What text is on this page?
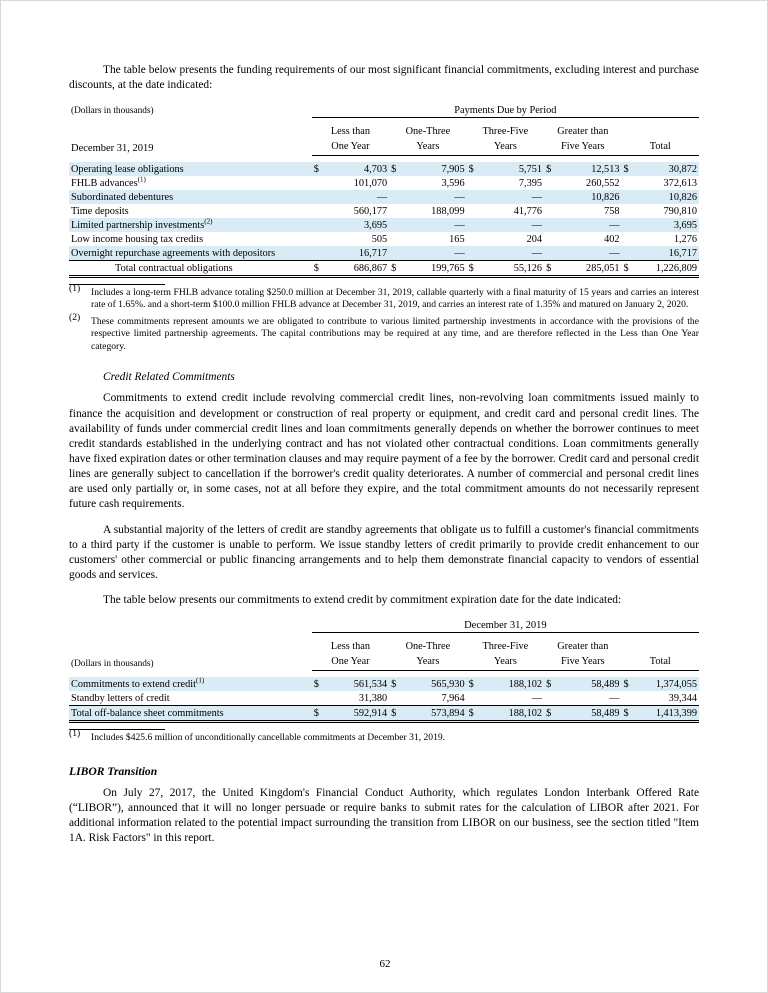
The table below presents the funding requirements of our most significant financial commitments, excluding interest and purchase discounts, at the date indicated:

(Dollars in thousands)	Payments Due by Period									

	Less than		One-Three		Three-Five		Greater than			
December 31, 2019	One Year		Years		Years		Five Years		Total	

Operating lease obligations	$	4,703	$	7,905	$	5,751	$	12,513	$	30,872
FHLB advances$^{(1)}$		101,070		3,596		7,395		260,552		372,613
Subordinated debentures		—		—		—		10,826		10,826
Time deposits		560,177		188,099		41,776		758		790,810
Limited partnership investments$^{(2)}$		3,695		—		—		—		3,695
Low income housing tax credits		505		165		204		402		1,276
Overnight repurchase agreements with depositors		16,717		—		—		—		16,717
Total contractual obligations	$	686,867	$	199,765	$	55,126	$	285,051	$	1,226,809
$^{(1)}$	Includes a long-term FHLB advance totaling $250.0 million at December 31, 2019, callable quarterly with a final maturity of 15 years and carries an interest rate of 1.65%. and a short-term $100.0 million FHLB advance at December 31, 2019, and carries an interest rate of 1.35% and matured on January 2, 2020.
$^{(2)}$	These commitments represent amounts we are obligated to contribute to various limited partnership investments in accordance with the provisions of the respective limited partnership agreements. The capital contributions may be required at any time, and are therefore reflected in the Less than One Year category.
Credit Related Commitments

Commitments to extend credit include revolving commercial credit lines, non-revolving loan commitments issued mainly to finance the acquisition and development or construction of real property or equipment, and credit card and personal credit lines. The availability of funds under commercial credit lines and loan commitments generally depends on whether the borrower continues to meet credit standards established in the underlying contract and has not violated other contractual conditions. Loan commitments generally have fixed expiration dates or other termination clauses and may require payment of a fee by the borrower. Credit card and personal credit lines are generally subject to cancellation if the borrower's credit quality deteriorates. A number of commercial and personal credit lines are used only partially or, in some cases, not at all before they expire, and the total commitment amounts do not necessarily represent future cash requirements.

A substantial majority of the letters of credit are standby agreements that obligate us to fulfill a customer's financial commitments to a third party if the customer is unable to perform. We issue standby letters of credit primarily to provide credit enhancement to our customers' other commercial or public financing arrangements and to help them demonstrate financial capacity to vendors of essential goods and services.

The table below presents our commitments to extend credit by commitment expiration date for the date indicated:

	December 31, 2019									

	Less than		One-Three		Three-Five		Greater than			
(Dollars in thousands)	One Year		Years		Years		Five Years		Total	

Commitments to extend credit$^{(1)}$	$	561,534	$	565,930	$	188,102	$	58,489	$	1,374,055
Standby letters of credit		31,380		7,964		—		—		39,344
Total off-balance sheet commitments	$	592,914	$	573,894	$	188,102	$	58,489	$	1,413,399
$^{(1)}$	Includes $425.6 million of unconditionally cancellable commitments at December 31, 2019.
LIBOR Transition

On July 27, 2017, the United Kingdom's Financial Conduct Authority, which regulates London Interbank Offered Rate (“LIBOR”), announced that it will no longer persuade or require banks to submit rates for the calculation of LIBOR after 2021. For additional information related to the potential impact surrounding the transition from LIBOR on our business, see the section titled "Item 1A. Risk Factors" in this report.

62
